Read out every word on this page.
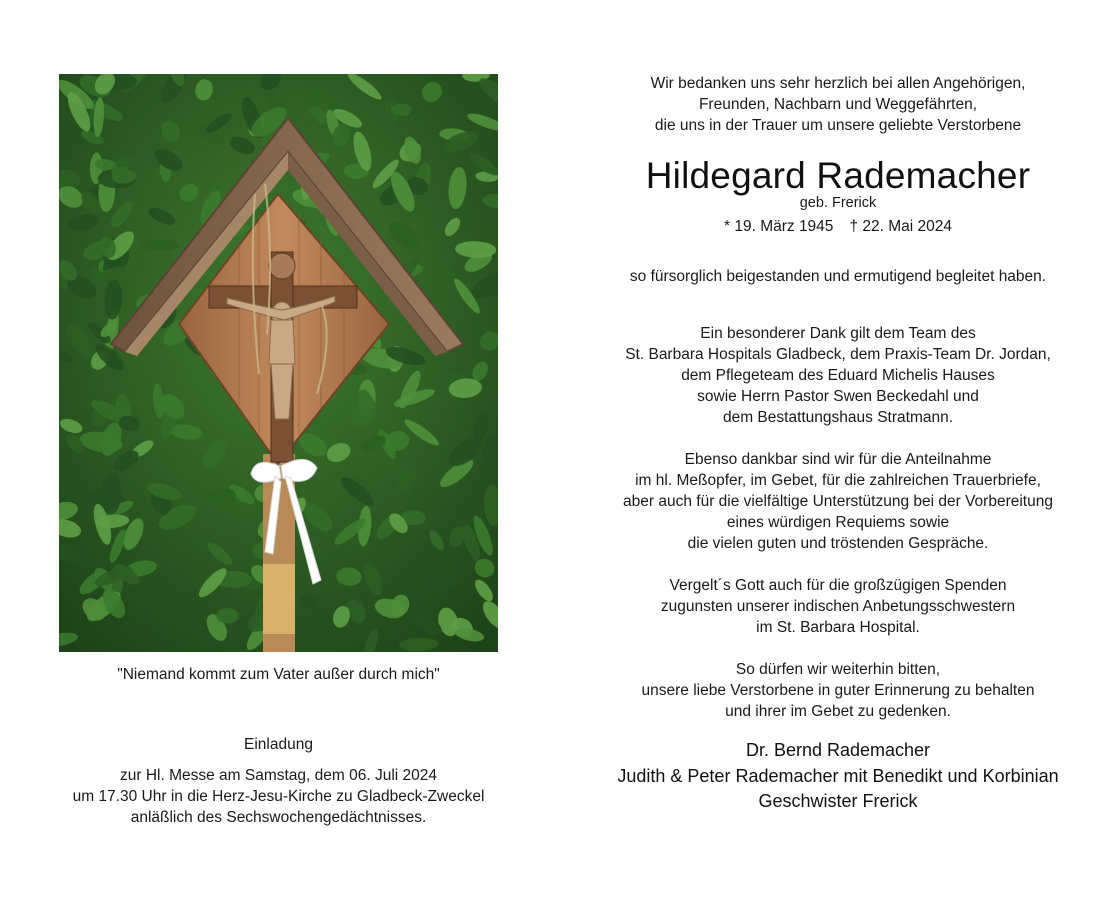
"Niemand kommt zum Vater außer durch mich"
Einladung
zur Hl. Messe am Samstag, dem 06. Juli 2024
um 17.30 Uhr in die Herz-Jesu-Kirche zu Gladbeck-Zweckel
anläßlich des Sechswochengedächtnisses.
Wir bedanken uns sehr herzlich bei allen Angehörigen,
Freunden, Nachbarn und Weggefährten,
die uns in der Trauer um unsere geliebte Verstorbene
Hildegard Rademacher
geb. Frerick
* 19. März 1945 † 22. Mai 2024
so fürsorglich beigestanden und ermutigend begleitet haben.
Ein besonderer Dank gilt dem Team des
St. Barbara Hospitals Gladbeck, dem Praxis-Team Dr. Jordan,
dem Pflegeteam des Eduard Michelis Hauses
sowie Herrn Pastor Swen Beckedahl und
dem Bestattungshaus Stratmann.
Ebenso dankbar sind wir für die Anteilnahme
im hl. Meßopfer, im Gebet, für die zahlreichen Trauerbriefe,
aber auch für die vielfältige Unterstützung bei der Vorbereitung
eines würdigen Requiems sowie
die vielen guten und tröstenden Gespräche.
Vergelt´s Gott auch für die großzügigen Spenden
zugunsten unserer indischen Anbetungsschwestern
im St. Barbara Hospital.
So dürfen wir weiterhin bitten,
unsere liebe Verstorbene in guter Erinnerung zu behalten
und ihrer im Gebet zu gedenken.
Dr. Bernd Rademacher
Judith & Peter Rademacher mit Benedikt und Korbinian
Geschwister Frerick
